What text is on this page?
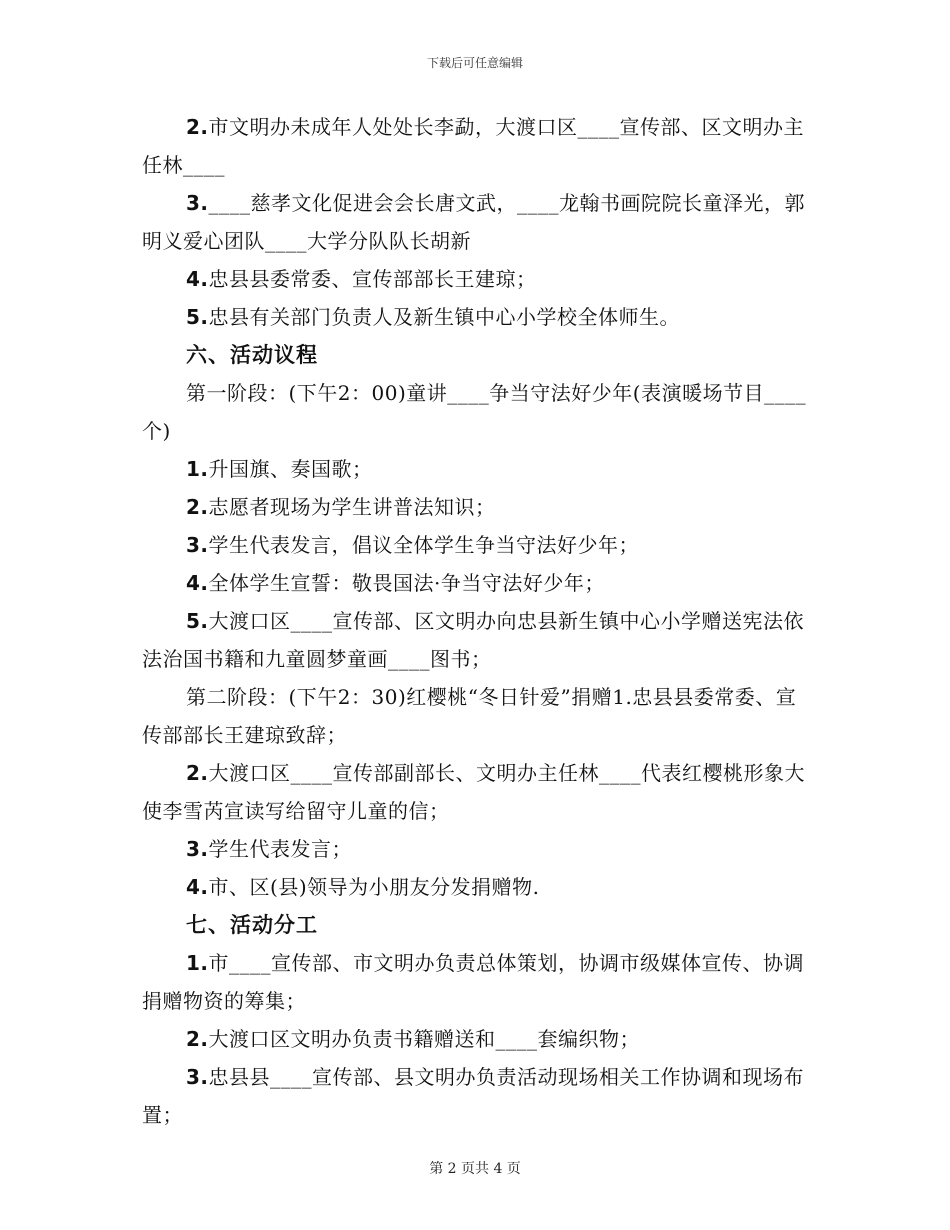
下载后可任意编辑

2.市文明办未成年人处处长李勐，大渡口区____宣传部、区文明办主任林____

3.____慈孝文化促进会会长唐文武，____龙翰书画院院长童泽光，郭明义爱心团队____大学分队队长胡新

4.忠县县委常委、宣传部部长王建琼；

5.忠县有关部门负责人及新生镇中心小学校全体师生。

六、活动议程

第一阶段：(下午2：00)童讲____争当守法好少年(表演暖场节目____个)

1.升国旗、奏国歌；

2.志愿者现场为学生讲普法知识；

3.学生代表发言，倡议全体学生争当守法好少年；

4.全体学生宣誓：敬畏国法·争当守法好少年；

5.大渡口区____宣传部、区文明办向忠县新生镇中心小学赠送宪法依法治国书籍和九童圆梦童画____图书；

第二阶段：(下午2：30)红樱桃“冬日针爱”捐赠1.忠县县委常委、宣传部部长王建琼致辞；

2.大渡口区____宣传部副部长、文明办主任林____代表红樱桃形象大使李雪芮宣读写给留守儿童的信；

3.学生代表发言；

4.市、区(县)领导为小朋友分发捐赠物.

七、活动分工

1.市____宣传部、市文明办负责总体策划，协调市级媒体宣传、协调捐赠物资的筹集；

2.大渡口区文明办负责书籍赠送和____套编织物；

3.忠县县____宣传部、县文明办负责活动现场相关工作协调和现场布置；

第 2 页共 4 页
